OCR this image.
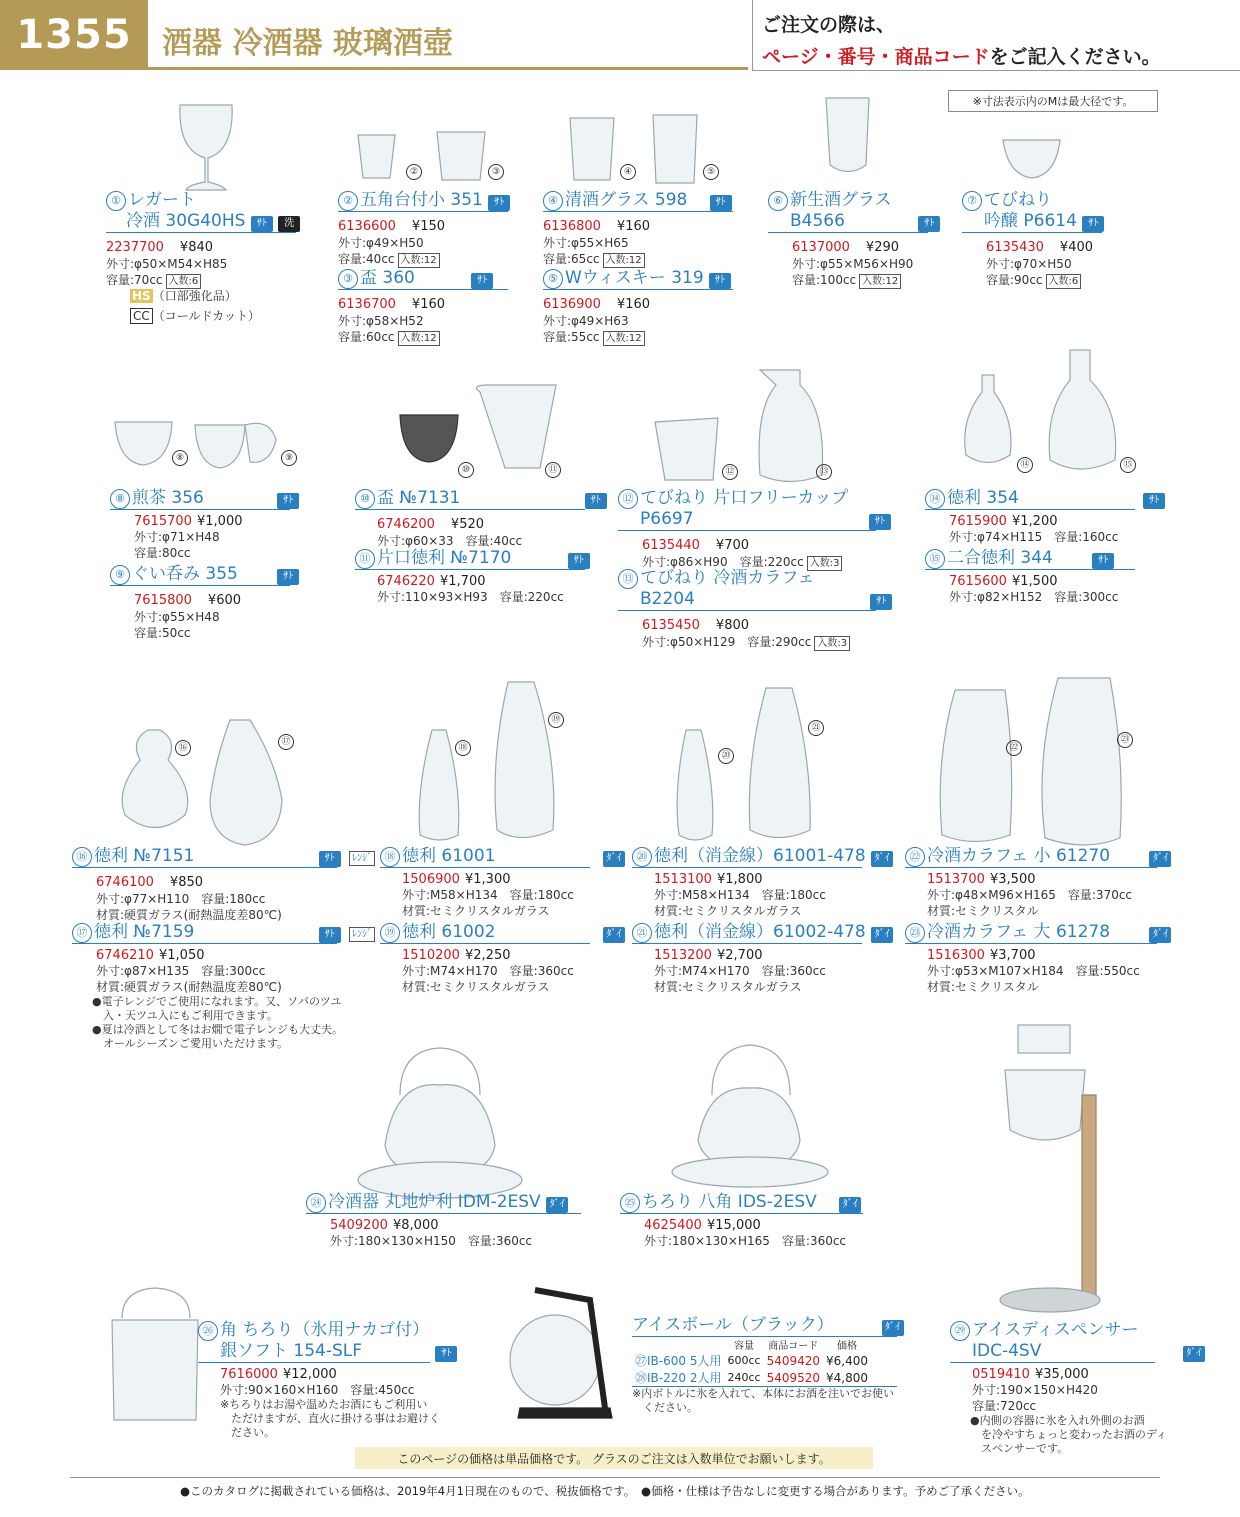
1355	酒器 冷酒器 玻璃酒壺
ご注文の際は、
ページ・番号・商品コードをご記入ください。
※寸法表示内のMは最大径です。
②	③	④	⑤
⑧	⑨
⑩	⑪	⑫	⑬
⑭	⑮
⑯
⑰
⑱
⑲
⑳
㉑
㉒
㉓
① レガート
冷酒 30G40HS ｻﾄ 洗
2237700　 ¥840
外寸:φ50×M54×H85
容量:70cc 入数:6
HS （口部強化品）
CC （コールドカット）
② 五角台付小 351 ｻﾄ
6136600　 ¥150
外寸:φ49×H50
容量:40cc 入数:12
③ 盃 360　　　	ｻﾄ
6136700　 ¥160
外寸:φ58×H52
容量:60cc 入数:12
④ 清酒グラス 598　	ｻﾄ
6136800　 ¥160
外寸:φ55×H65
容量:65cc 入数:12
⑤ Wウィスキー 319 ｻﾄ
6136900　 ¥160
外寸:φ49×H63
容量:55cc 入数:12
⑥ 新生酒グラス
B4566　　　　	ｻﾄ
6137000　 ¥290
外寸:φ55×M56×H90
容量:100cc 入数:12
⑦ てびねり
吟醸 P6614 ｻﾄ
6135430　 ¥400
外寸:φ70×H50
容量:90cc 入数:6
⑧ 煎茶 356　　　　	ｻﾄ
7615700 ¥1,000
外寸:φ71×H48
容量:80cc
⑨ ぐい呑み 355　　	ｻﾄ
7615800　 ¥600
外寸:φ55×H48
容量:50cc
⑩ 盃 №7131　　　　　　　	ｻﾄ
6746200　 ¥520
外寸:φ60×33　容量:40cc
⑪ 片口徳利 №7170　　　	ｻﾄ
6746220 ¥1,700
外寸:110×93×H93　容量:220cc
⑫ てびねり 片口フリーカップ
P6697　　　　　　　　　　	ｻﾄ
6135440　 ¥700
外寸:φ86×H90　容量:220cc 入数:3
⑬ てびねり 冷酒カラフェ
B2204　　　　　　　　　　	ｻﾄ
6135450　 ¥800
外寸:φ50×H129　容量:290cc 入数:3
⑭ 徳利 354　　　　　　　	ｻﾄ
7615900 ¥1,200
外寸:φ74×H115　容量:160cc
⑮ 二合徳利 344　　	ｻﾄ
7615600 ¥1,500
外寸:φ82×H152　容量:300cc
⑯ 徳利 №7151　　　　　　　	ｻﾄ ﾚﾝｼﾞ
6746100　 ¥850
外寸:φ77×H110　容量:180cc
材質:硬質ガラス(耐熱温度差80℃)
⑰ 徳利 №7159　　　　　　　	ｻﾄ ﾚﾝｼﾞ
6746210 ¥1,050
外寸:φ87×H135　容量:300cc
材質:硬質ガラス(耐熱温度差80℃)
●電子レンジでご使用になれます。又、ソバのツユ
　入・天ツユ入にもご利用できます。
●夏は冷酒として冬はお燗で電子レンジも大丈夫。
　オールシーズンご愛用いただけます。
⑱ 徳利 61001　　　　　　	ﾀﾞｲ
1506900 ¥1,300
外寸:M58×H134　容量:180cc
材質:セミクリスタルガラス
⑲ 徳利 61002　　　　　　	ﾀﾞｲ
1510200 ¥2,250
外寸:M74×H170　容量:360cc
材質:セミクリスタルガラス
⑳ 徳利（消金線）61001-478 ﾀﾞｲ
1513100 ¥1,800
外寸:M58×H134　容量:180cc
材質:セミクリスタルガラス
㉑ 徳利（消金線）61002-478 ﾀﾞｲ
1513200 ¥2,700
外寸:M74×H170　容量:360cc
材質:セミクリスタルガラス
㉒ 冷酒カラフェ 小 61270　　	ﾀﾞｲ
1513700 ¥3,500
外寸:φ48×M96×H165　容量:370cc
材質:セミクリスタル
㉓ 冷酒カラフェ 大 61278　　	ﾀﾞｲ
1516300 ¥3,700
外寸:φ53×M107×H184　容量:550cc
材質:セミクリスタル
㉔ 冷酒器 丸地炉利 IDM-2ESV ﾀﾞｲ
5409200 ¥8,000
外寸:180×130×H150　容量:360cc
㉕ ちろり 八角 IDS-2ESV　	ﾀﾞｲ
4625400 ¥15,000
外寸:180×130×H165　容量:360cc
㉖ 角 ちろり（氷用ナカゴ付）
銀ソフト 154-SLF　　　　	ｻﾄ
7616000 ¥12,000
外寸:90×160×H160　容量:450cc
※ちろりはお湯や温めたお酒にもご利用い
　ただけますが、直火に掛ける事はお避けく
　ださい。
アイスボール（ブラック）　　　	ﾀﾞｲ
	容量	商品コード	価格
㉗IB-600 5人用	600cc	5409420	¥6,400
㉘IB-220 2人用	240cc	5409520	¥4,800
※内ボトルに氷を入れて、本体にお酒を注いでお使い
　ください。
㉙ アイスディスペンサー
IDC-4SV　　　　　　　　	ﾀﾞｲ
0519410 ¥35,000
外寸:190×150×H420
容量:720cc
●内側の容器に氷を入れ外側のお酒
　を冷やすちょっと変わったお酒のディ
　スペンサーです。
このページの価格は単品価格です。 グラスのご注文は入数単位でお願いします。
●このカタログに掲載されている価格は、2019年4月1日現在のもので、税抜価格です。　●価格・仕様は予告なしに変更する場合があります。予めご了承ください。
